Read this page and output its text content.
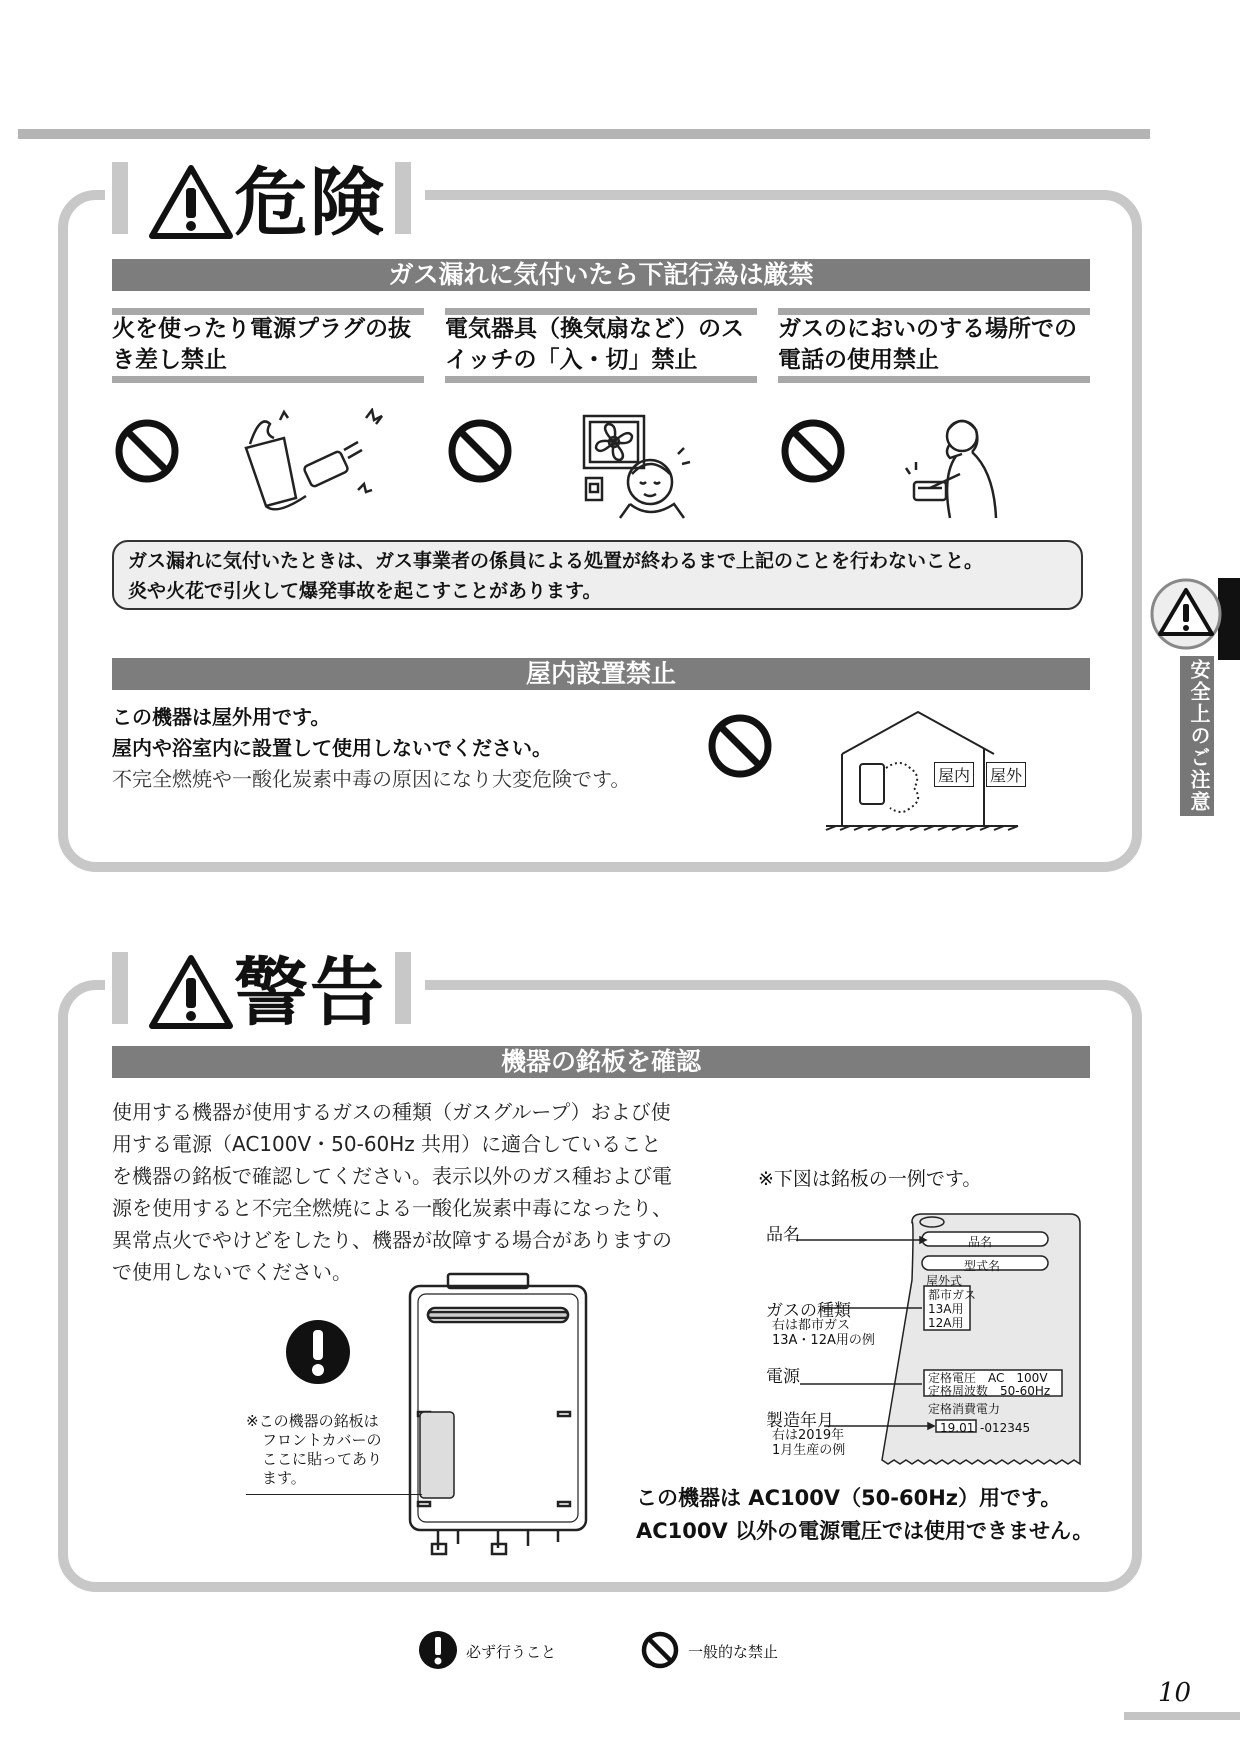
危険
ガス漏れに気付いたら下記行為は厳禁
火を使ったり電源プラグの抜き差し禁止
電気器具（換気扇など）のスイッチの「入・切」禁止
ガスのにおいのする場所での電話の使用禁止
ガス漏れに気付いたときは、ガス事業者の係員による処置が終わるまで上記のことを行わないこと。
炎や火花で引火して爆発事故を起こすことがあります。
屋内設置禁止
この機器は屋外用です。
屋内や浴室内に設置して使用しないでください。
不完全燃焼や一酸化炭素中毒の原因になり大変危険です。	屋内 屋外
警告
機器の銘板を確認
使用する機器が使用するガスの種類（ガスグループ）および使
用する電源（AC100V・50-60Hz 共用）に適合していること
を機器の銘板で確認してください。表示以外のガス種および電
源を使用すると不完全燃焼による一酸化炭素中毒になったり、
異常点火でやけどをしたり、機器が故障する場合がありますの
で使用しないでください。
※この機器の銘板は
フロントカバーの
ここに貼ってあり
ます。
※下図は銘板の一例です。
品名
ガスの種類
右は都市ガス
13A・12A用の例
電源
製造年月
右は2019年
1月生産の例
品名
型式名
屋外式
都市ガス
13A用
12A用
定格電圧　 AC　100V
定格周波数　 50-60Hz
定格消費電力
19.01 -012345
この機器は AC100V（50-60Hz）用です。
AC100V 以外の電源電圧では使用できません。
安全上のご注意
必ず行うこと	一般的な禁止
10
